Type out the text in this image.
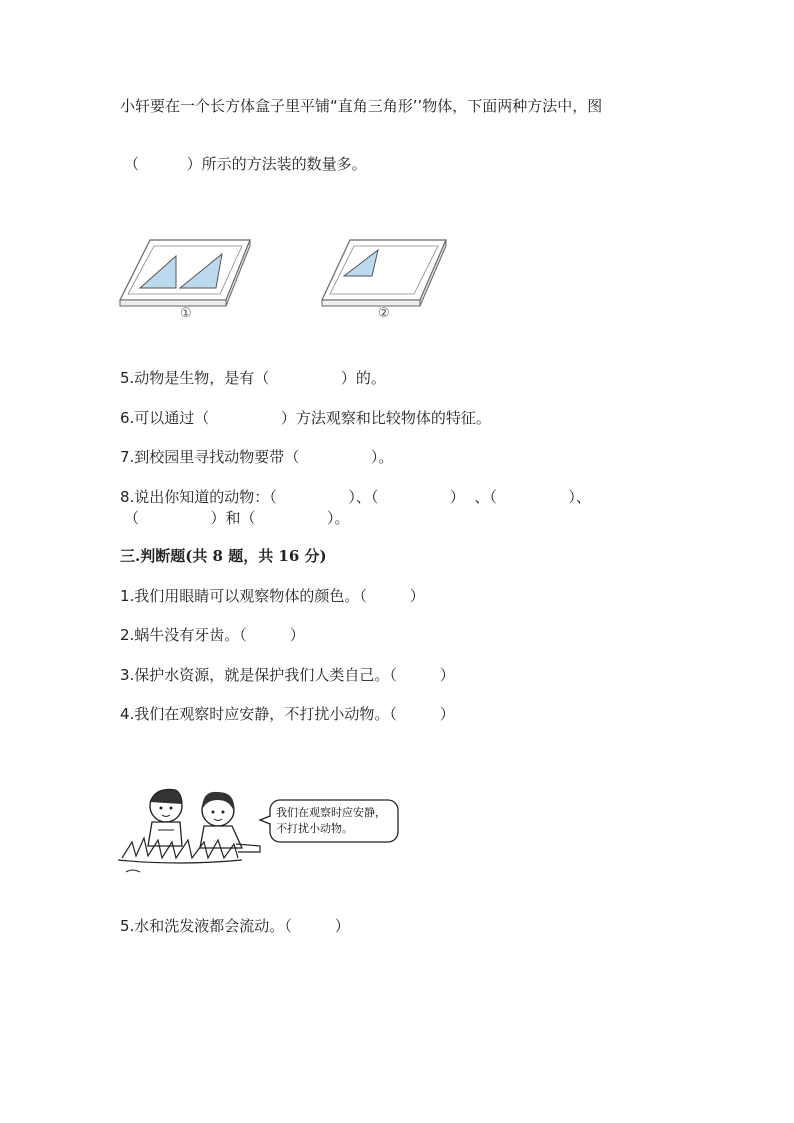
小轩要在一个长方体盒子里平铺“直角三角形’’物体，下面两种方法中，图
（          ）所示的方法装的数量多。
①	②
5.动物是生物，是有（               ）的。
6.可以通过（               ）方法观察和比较物体的特征。
7.到校园里寻找动物要带（               ）。
8.说出你知道的动物：（               ）、（               ）  、（               ）、
（               ）和（               ）。
三.判断题(共 8 题，共 16 分)
1.我们用眼睛可以观察物体的颜色。（         ）
2.蜗牛没有牙齿。（         ）
3.保护水资源，就是保护我们人类自己。（         ）
4.我们在观察时应安静，不打扰小动物。（         ）
我们在观察时应安静，
不打扰小动物。
5.水和洗发液都会流动。（         ）
